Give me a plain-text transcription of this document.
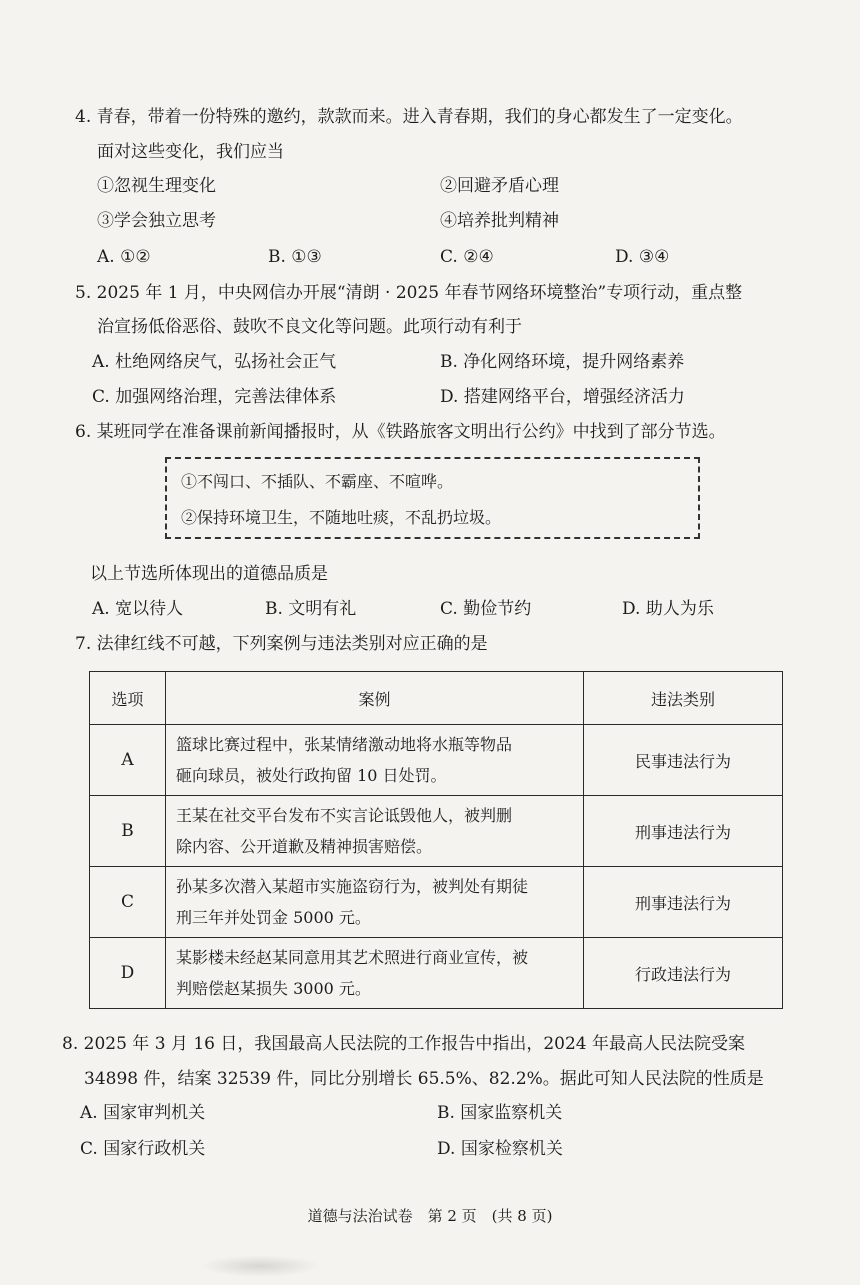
4. 青春，带着一份特殊的邀约，款款而来。进入青春期，我们的身心都发生了一定变化。
面对这些变化，我们应当
①忽视生理变化	②回避矛盾心理
③学会独立思考	④培养批判精神
A. ①②	B. ①③	C. ②④	D. ③④
5. 2025 年 1 月，中央网信办开展“清朗 · 2025 年春节网络环境整治”专项行动，重点整
治宣扬低俗恶俗、鼓吹不良文化等问题。此项行动有利于
A. 杜绝网络戾气，弘扬社会正气	B. 净化网络环境，提升网络素养
C. 加强网络治理，完善法律体系	D. 搭建网络平台，增强经济活力
6. 某班同学在准备课前新闻播报时，从《铁路旅客文明出行公约》中找到了部分节选。
①不闯口、不插队、不霸座、不喧哗。
②保持环境卫生，不随地吐痰，不乱扔垃圾。
以上节选所体现出的道德品质是
A. 宽以待人	B. 文明有礼	C. 勤俭节约	D. 助人为乐
7. 法律红线不可越，下列案例与违法类别对应正确的是
选项	案例	违法类别
A	篮球比赛过程中，张某情绪激动地将水瓶等物品
砸向球员，被处行政拘留 10 日处罚。	民事违法行为
B	王某在社交平台发布不实言论诋毁他人，被判删
除内容、公开道歉及精神损害赔偿。	刑事违法行为
C	孙某多次潜入某超市实施盗窃行为，被判处有期徒
刑三年并处罚金 5000 元。	刑事违法行为
D	某影楼未经赵某同意用其艺术照进行商业宣传，被
判赔偿赵某损失 3000 元。	行政违法行为
8. 2025 年 3 月 16 日，我国最高人民法院的工作报告中指出，2024 年最高人民法院受案
34898 件，结案 32539 件，同比分别增长 65.5%、82.2%。据此可知人民法院的性质是
A. 国家审判机关	B. 国家监察机关
C. 国家行政机关	D. 国家检察机关
道德与法治试卷　第 2 页　(共 8 页)
